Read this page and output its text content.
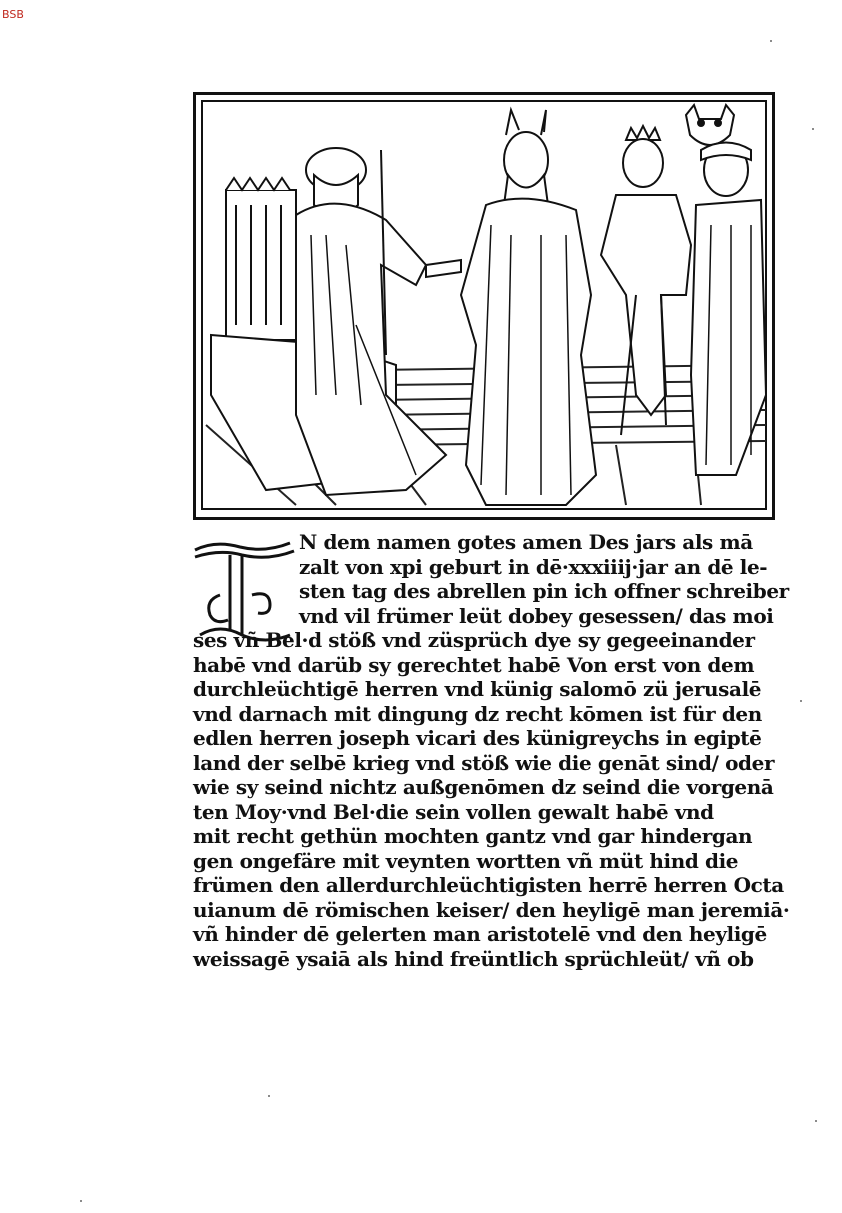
BSB
I
N dem namen gotes amen Des jars als mā
zalt von xpi geburt in dē·xxxiiij·jar an dē le-
sten tag des abrellen pin ich offner schreiber
vnd vil frümer leüt dobey gesessen/ das moi
ses vñ Bel·d stöß vnd züsprüch dye sy gegeeinander
habē vnd darüb sy gerechtet habē Von erst von dem
durchleüchtigē herren vnd künig salomō zü jerusalē
vnd darnach mit dingung dz recht kōmen ist für den
edlen herren joseph vicari des künigreychs in egiptē
land der selbē krieg vnd stöß wie die genāt sind/ oder
wie sy seind nichtz außgenōmen dz seind die vorgenā
ten Moy·vnd Bel·die sein vollen gewalt habē vnd
mit recht gethün mochten gantz vnd gar hindergan
gen ongefäre mit veynten wortten vñ müt hind die
frümen den allerdurchleüchtigisten herrē herren Octa
uianum dē römischen keiser/ den heyligē man jeremiā·
vñ hinder dē gelerten man aristotelē vnd den heyligē
weissagē ysaiā als hind freüntlich sprüchleüt/ vñ ob
